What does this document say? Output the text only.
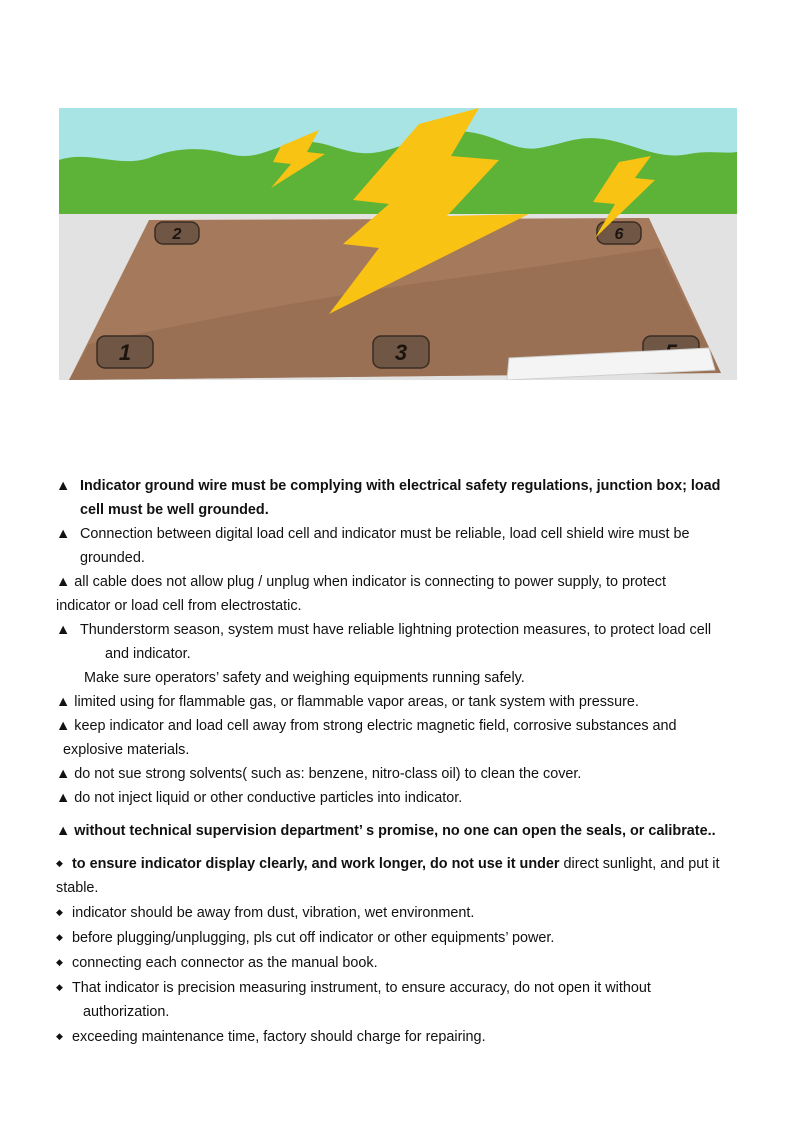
1
2
3
6
▲ Indicator ground wire must be complying with electrical safety regulations, junction box; load
cell must be well grounded.
▲ Connection between digital load cell and indicator must be reliable, load cell shield wire must be
grounded.
▲ all cable does not allow plug / unplug when indicator is connecting to power supply, to protect
indicator or load cell from electrostatic.
▲ Thunderstorm season, system must have reliable lightning protection measures, to protect load cell
and indicator.
Make sure operators’ safety and weighing equipments running safely.
▲ limited using for flammable gas, or flammable vapor areas, or tank system with pressure.
▲ keep indicator and load cell away from strong electric magnetic field, corrosive substances and
explosive materials.
▲ do not sue strong solvents( such as: benzene, nitro-class oil) to clean the cover.
▲ do not inject liquid or other conductive particles into indicator.
▲ without technical supervision department’ s promise, no one can open the seals, or calibrate..
◆ to ensure indicator display clearly, and work longer, do not use it under direct sunlight, and put it
stable.
◆ indicator should be away from dust, vibration, wet environment.
◆ before plugging/unplugging, pls cut off indicator or other equipments’ power.
◆ connecting each connector as the manual book.
◆ That indicator is precision measuring instrument, to ensure accuracy, do not open it without
authorization.
◆ exceeding maintenance time, factory should charge for repairing.
